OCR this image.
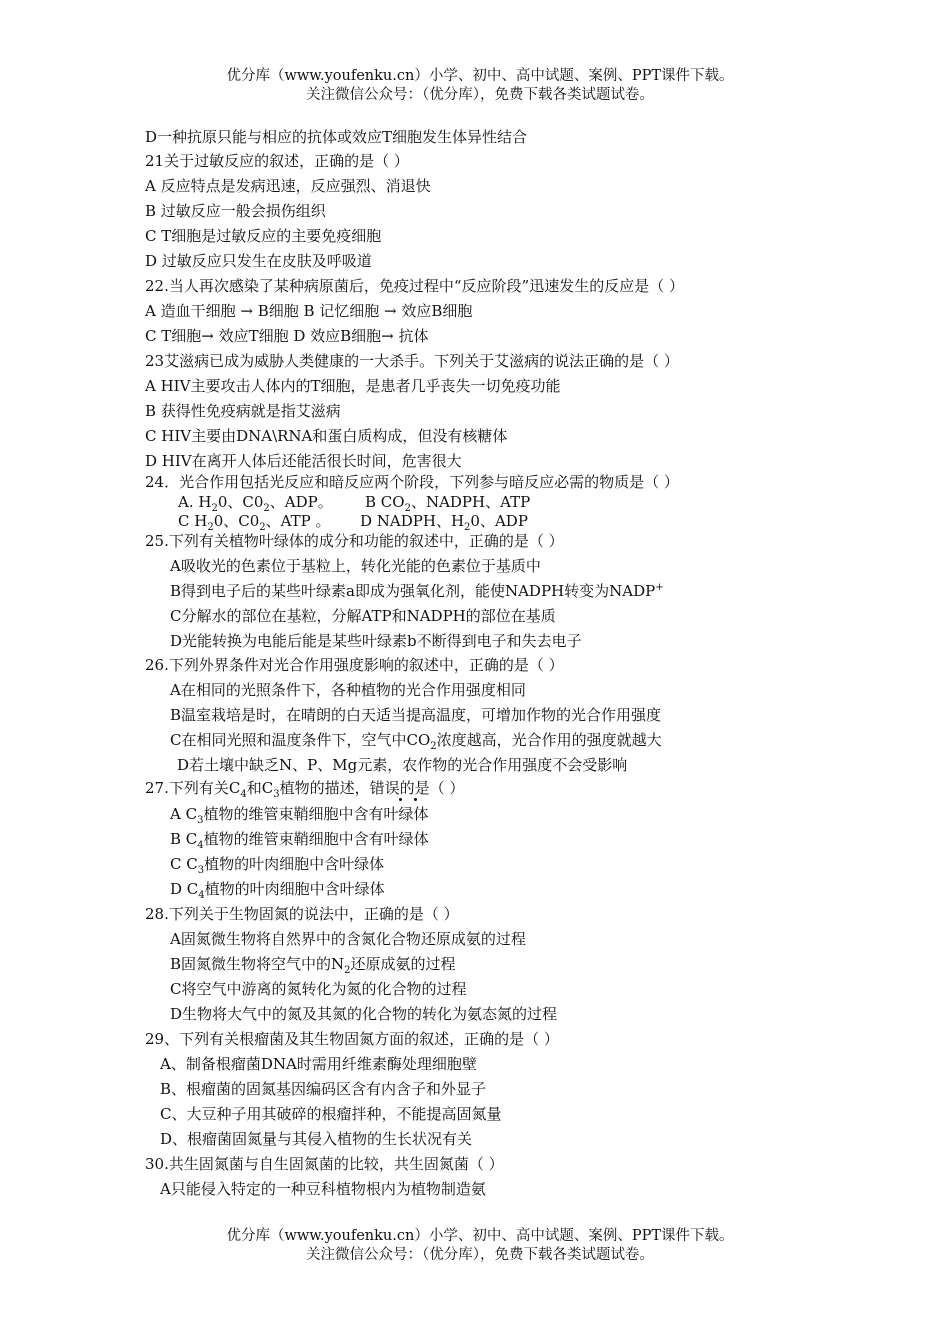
优分库（www.youfenku.cn）小学、初中、高中试题、案例、PPT课件下载。
关注微信公众号：（优分库），免费下载各类试题试卷。
D一种抗原只能与相应的抗体或效应T细胞发生体异性结合
21关于过敏反应的叙述，正确的是（ ）
A 反应特点是发病迅速，反应强烈、消退快
B 过敏反应一般会损伤组织
C T细胞是过敏反应的主要免疫细胞
D 过敏反应只发生在皮肤及呼吸道
22.当人再次感染了某种病原菌后，免疫过程中“反应阶段”迅速发生的反应是（ ）
A 造血干细胞 → B细胞 B 记忆细胞 → 效应B细胞
C T细胞→ 效应T细胞 D 效应B细胞→ 抗体
23艾滋病已成为威胁人类健康的一大杀手。下列关于艾滋病的说法正确的是（ ）
A HIV主要攻击人体内的T细胞，是患者几乎丧失一切免疫功能
B 获得性免疫病就是指艾滋病
C HIV主要由DNA\RNA和蛋白质构成，但没有核糖体
D HIV在离开人体后还能活很长时间，危害很大
24．光合作用包括光反应和暗反应两个阶段，下列参与暗反应必需的物质是（ ）
A. $H_20$、$C0_2$、ADP。 B $CO_2$、NADPH、ATP
C $H_20$、$C0_2$、ATP 。 D NADPH、$H_20$、ADP
25.下列有关植物叶绿体的成分和功能的叙述中，正确的是（ ）
A吸收光的色素位于基粒上，转化光能的色素位于基质中
B得到电子后的某些叶绿素a即成为强氧化剂，能使NADPH转变为NADP+
C分解水的部位在基粒，分解ATP和NADPH的部位在基质
D光能转换为电能后能是某些叶绿素b不断得到电子和失去电子
26.下列外界条件对光合作用强度影响的叙述中，正确的是（ ）
A在相同的光照条件下，各种植物的光合作用强度相同
B温室栽培是时，在晴朗的白天适当提高温度，可增加作物的光合作用强度
C在相同光照和温度条件下，空气中$CO_2$浓度越高，光合作用的强度就越大
D若土壤中缺乏N、P、Mg元素，农作物的光合作用强度不会受影响
27.下列有关$C_4$和$C_3$植物的描述，错误的是（ ）
A $C_3$植物的维管束鞘细胞中含有叶绿体
B $C_4$植物的维管束鞘细胞中含有叶绿体
C $C_3$植物的叶肉细胞中含叶绿体
D $C_4$植物的叶肉细胞中含叶绿体
28.下列关于生物固氮的说法中，正确的是（ ）
A固氮微生物将自然界中的含氮化合物还原成氨的过程
B固氮微生物将空气中的$N_2$还原成氨的过程
C将空气中游离的氮转化为氮的化合物的过程
D生物将大气中的氮及其氮的化合物的转化为氨态氮的过程
29、下列有关根瘤菌及其生物固氮方面的叙述，正确的是（ ）
A、制备根瘤菌DNA时需用纤维素酶处理细胞壁
B、根瘤菌的固氮基因编码区含有内含子和外显子
C、大豆种子用其破碎的根瘤拌种，不能提高固氮量
D、根瘤菌固氮量与其侵入植物的生长状况有关
30.共生固氮菌与自生固氮菌的比较，共生固氮菌（ ）
A只能侵入特定的一种豆科植物根内为植物制造氨
优分库（www.youfenku.cn）小学、初中、高中试题、案例、PPT课件下载。
关注微信公众号：（优分库），免费下载各类试题试卷。
